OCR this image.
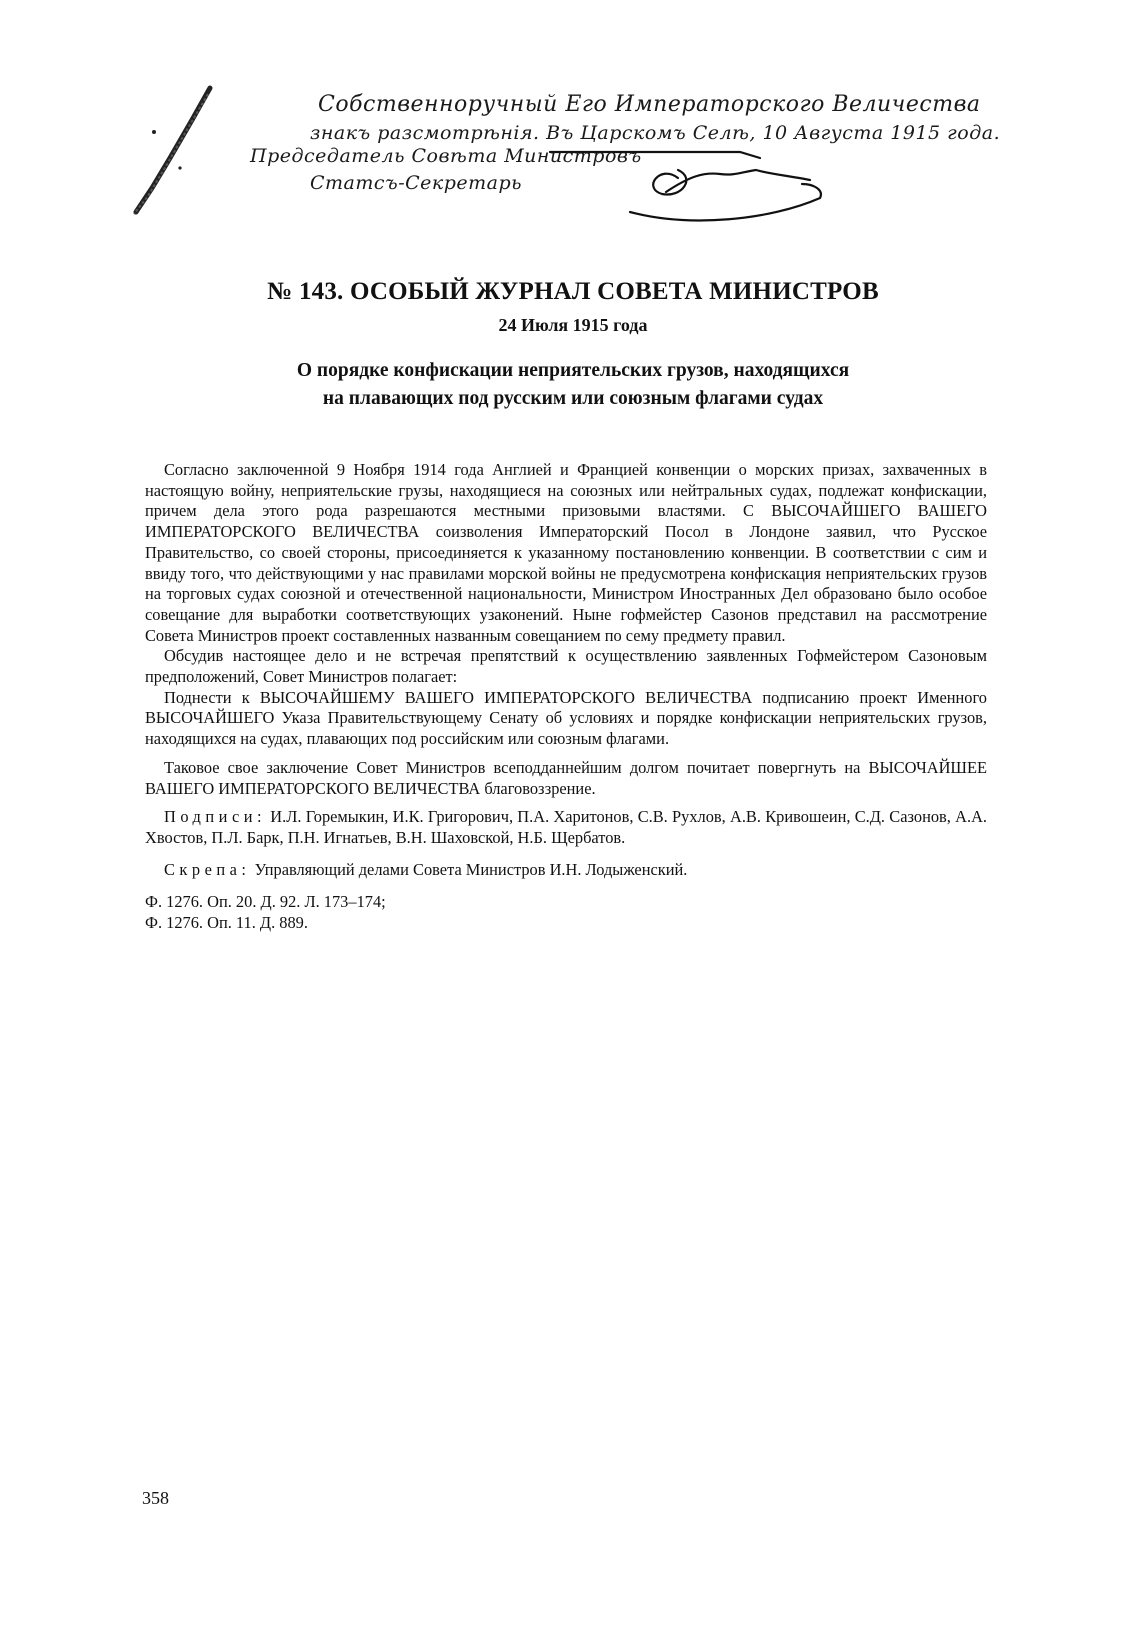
Собственноручный Его Императорского Величества
знакъ разсмотрѣнія. Въ Царскомъ Селѣ, 10 Августа 1915 года.
Председатель Совѣта Министровъ
Статсъ-Секретарь
№ 143. ОСОБЫЙ ЖУРНАЛ СОВЕТА МИНИСТРОВ

24 Июля 1915 года

О порядке конфискации неприятельских грузов, находящихся
на плавающих под русским или союзным флагами судах

Согласно заключенной 9 Ноября 1914 года Англией и Францией конвенции о морских призах, захваченных в настоящую войну, неприятельские грузы, находящиеся на союзных или нейтральных судах, подлежат конфискации, причем дела этого рода разрешаются местными призовыми властями. С ВЫСОЧАЙШЕГО ВАШЕГО ИМПЕРАТОРСКОГО ВЕЛИЧЕСТВА соизволения Императорский Посол в Лондоне заявил, что Русское Правительство, со своей стороны, присоединяется к указанному постановлению конвенции. В соответствии с сим и ввиду того, что действующими у нас правилами морской войны не предусмотрена конфискация неприятельских грузов на торговых судах союзной и отечественной национальности, Министром Иностранных Дел образовано было особое совещание для выработки соответствующих узаконений. Ныне гофмейстер Сазонов представил на рассмотрение Совета Министров проект составленных названным совещанием по сему предмету правил.

Обсудив настоящее дело и не встречая препятствий к осуществлению заявленных Гофмейстером Сазоновым предположений, Совет Министров полагает:

Поднести к ВЫСОЧАЙШЕМУ ВАШЕГО ИМПЕРАТОРСКОГО ВЕЛИЧЕСТВА подписанию проект Именного ВЫСОЧАЙШЕГО Указа Правительствующему Сенату об условиях и порядке конфискации неприятельских грузов, находящихся на судах, плавающих под российским или союзным флагами.

Таковое свое заключение Совет Министров всеподданнейшим долгом почитает повергнуть на ВЫСОЧАЙШЕЕ ВАШЕГО ИМПЕРАТОРСКОГО ВЕЛИЧЕСТВА благовоззрение.

Подписи: И.Л. Горемыкин, И.К. Григорович, П.А. Харитонов, С.В. Рухлов, А.В. Кривошеин, С.Д. Сазонов, А.А. Хвостов, П.Л. Барк, П.Н. Игнатьев, В.Н. Шаховской, Н.Б. Щербатов.

Скрепа: Управляющий делами Совета Министров И.Н. Лодыженский.

Ф. 1276. Оп. 20. Д. 92. Л. 173–174;
Ф. 1276. Оп. 11. Д. 889.

358
